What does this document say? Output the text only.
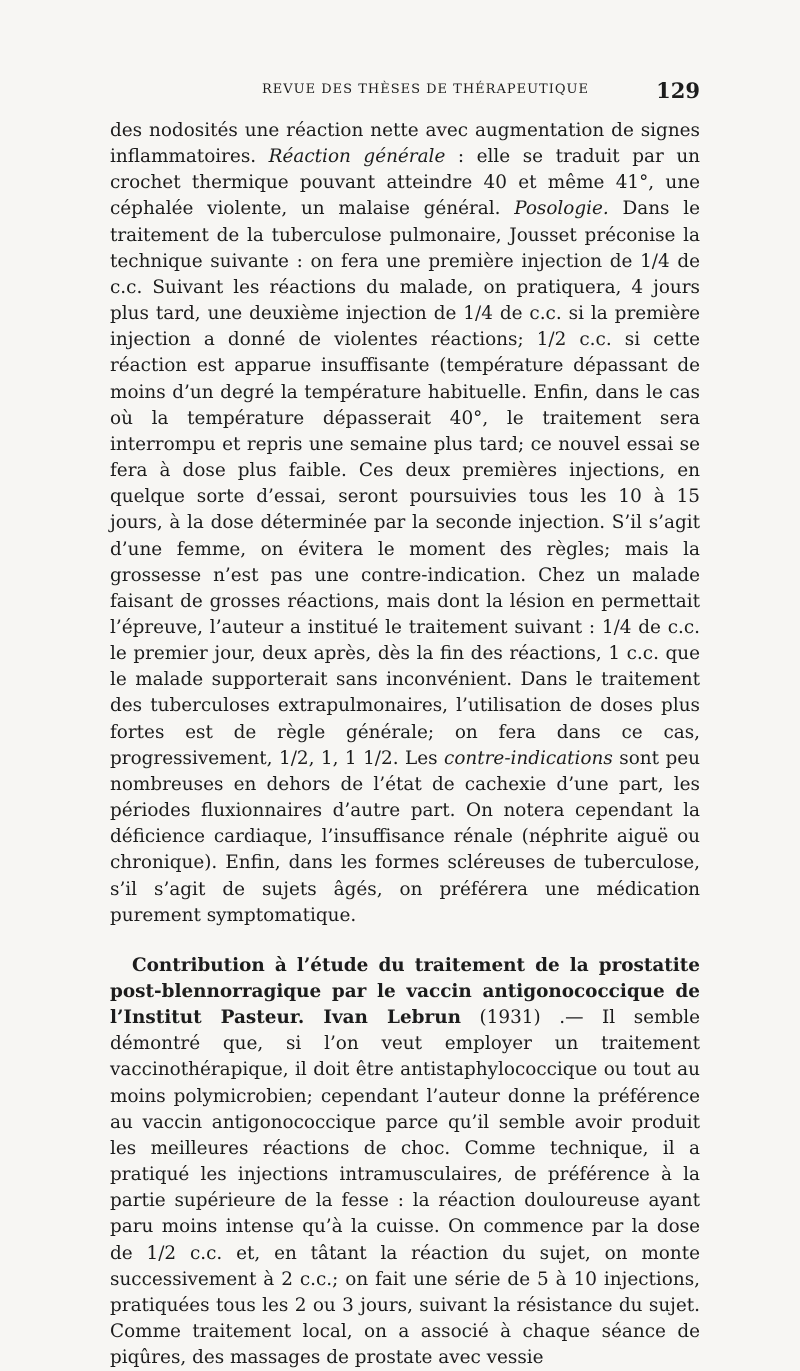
REVUE DES THÈSES DE THÉRAPEUTIQUE	129

des nodosités une réaction nette avec augmentation de signes inflammatoires. Réaction générale : elle se traduit par un crochet thermique pouvant atteindre 40 et même 41°, une céphalée violente, un malaise général. Posologie. Dans le traitement de la tuberculose pulmonaire, Jousset préconise la technique suivante : on fera une première injection de 1/4 de c.c. Suivant les réactions du malade, on pratiquera, 4 jours plus tard, une deuxième injection de 1/4 de c.c. si la première injection a donné de violentes réactions; 1/2 c.c. si cette réaction est apparue insuffisante (température dépassant de moins d’un degré la température habituelle. Enfin, dans le cas où la température dépasserait 40°, le traitement sera interrompu et repris une semaine plus tard; ce nouvel essai se fera à dose plus faible. Ces deux premières injections, en quelque sorte d’essai, seront poursuivies tous les 10 à 15 jours, à la dose déterminée par la seconde injection. S’il s’agit d’une femme, on évitera le moment des règles; mais la grossesse n’est pas une contre-indication. Chez un malade faisant de grosses réactions, mais dont la lésion en permettait l’épreuve, l’auteur a institué le traitement suivant : 1/4 de c.c. le premier jour, deux après, dès la fin des réactions, 1 c.c. que le malade supporterait sans inconvénient. Dans le traitement des tuberculoses extrapulmonaires, l’utilisation de doses plus fortes est de règle générale; on fera dans ce cas, progressivement, 1/2, 1, 1 1/2. Les contre-indications sont peu nombreuses en dehors de l’état de cachexie d’une part, les périodes fluxionnaires d’autre part. On notera cependant la déficience cardiaque, l’insuffisance rénale (néphrite aiguë ou chronique). Enfin, dans les formes scléreuses de tuberculose, s’il s’agit de sujets âgés, on préférera une médication purement symptomatique.

Contribution à l’étude du traitement de la prostatite post-blennorragique par le vaccin antigonococcique de l’Institut Pasteur. Ivan Lebrun (1931) .— Il semble démontré que, si l’on veut employer un traitement vaccinothérapique, il doit être antistaphylococcique ou tout au moins polymicrobien; cependant l’auteur donne la préférence au vaccin antigonococcique parce qu’il semble avoir produit les meilleures réactions de choc. Comme technique, il a pratiqué les injections intramusculaires, de préférence à la partie supérieure de la fesse : la réaction douloureuse ayant paru moins intense qu’à la cuisse. On commence par la dose de 1/2 c.c. et, en tâtant la réaction du sujet, on monte successivement à 2 c.c.; on fait une série de 5 à 10 injections, pratiquées tous les 2 ou 3 jours, suivant la résistance du sujet. Comme traitement local, on a associé à chaque séance de piqûres, des massages de prostate avec vessie
